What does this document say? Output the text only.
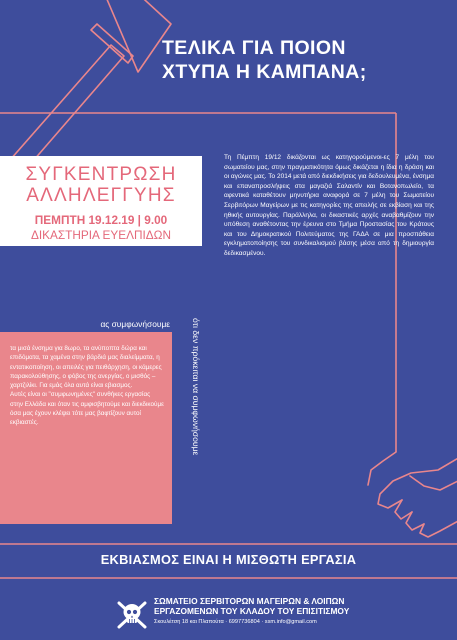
ΤΕΛΙΚΑ ΓΙΑ ΠΟΙΟΝ
ΧΤΥΠΑ Η ΚΑΜΠΑΝΑ;
ΣΥΓΚΕΝΤΡΩΣΗ
ΑΛΛΗΛΕΓΓΥΗΣ
ΠΕΜΠΤΗ 19.12.19 | 9.00
ΔΙΚΑΣΤΗΡΙΑ ΕΥΕΛΠΙΔΩΝ

Τη Πέμπτη 19/12 δικάζονται ως κατηγορούμενοι-ες 7 μέλη του σωματείου μας, στην πραγματικότητα όμως δικάζεται η ίδια η δράση και οι αγώνες μας. Το 2014 μετά από διεκδικήσεις για δεδουλευμένα, ένσημα και επαναπροσλήψεις στα μαγαζιά Σαλαντίν και Βοτανοπωλείο, τα αφεντικά καταθέτουν μηνυτήρια αναφορά σε 7 μέλη του Σωματείου Σερβιτόρων Μαγείρων με τις κατηγορίες της απειλής σε εκβίαση και της ηθικής αυτουργίας. Παράλληλα, οι δικαστικές αρχές αναβαθμίζουν την υπόθεση αναθέτοντας την έρευνα στο Τμήμα Προστασίας του Κράτους και του Δημοκρατικού Πολιτεύματος της ΓΑΔΑ σε μια προσπάθεια εγκληματοποίησης του συνδικαλισμού βάσης μέσα από τη δημιουργία δεδικασμένου.

ας συμφωνήσουμε

τα μισά ένσημα για 8ωρο, τα ανύποπτα δώρα και επιδόματα, τα χαμένα στην βάρδιά μας διαλείμματα, η εντατικοποίηση, οι απειλές για πειθάρχηση, οι κάμερες παρακολούθησης, ο φόβος της ανεργίας, ο μισθός – χαρτζιλίκι. Για εμάς όλα αυτά είναι εβιασμος.
Αυτές είναι οι "συμφωνημένες" συνθήκες εργασίας στην Ελλάδα και όταν τις αμφισβητούμε και διεκδικούμε όσα μας έχουν κλέψει τότε μας βαφτίζουν αυτοί εκβιαστές.	ότι δεν πρόκειται να συμφωνήσουμε
ΕΚΒΙΑΣΜΟΣ ΕΙΝΑΙ Η ΜΙΣΘΩΤΗ ΕΡΓΑΣΙΑ
ΣΩΜΑΤΕΙΟ ΣΕΡΒΙΤΟΡΩΝ ΜΑΓΕΙΡΩΝ & ΛΟΙΠΩΝ
ΕΡΓΑΖΟΜΕΝΩΝ ΤΟΥ ΚΛΑΔΟΥ ΤΟΥ ΕΠΙΣΙΤΙΣΜΟΥ
Σκουλέτση 18 και Πλαπούτα · 6997736804 · ssm.info@gmail.com
